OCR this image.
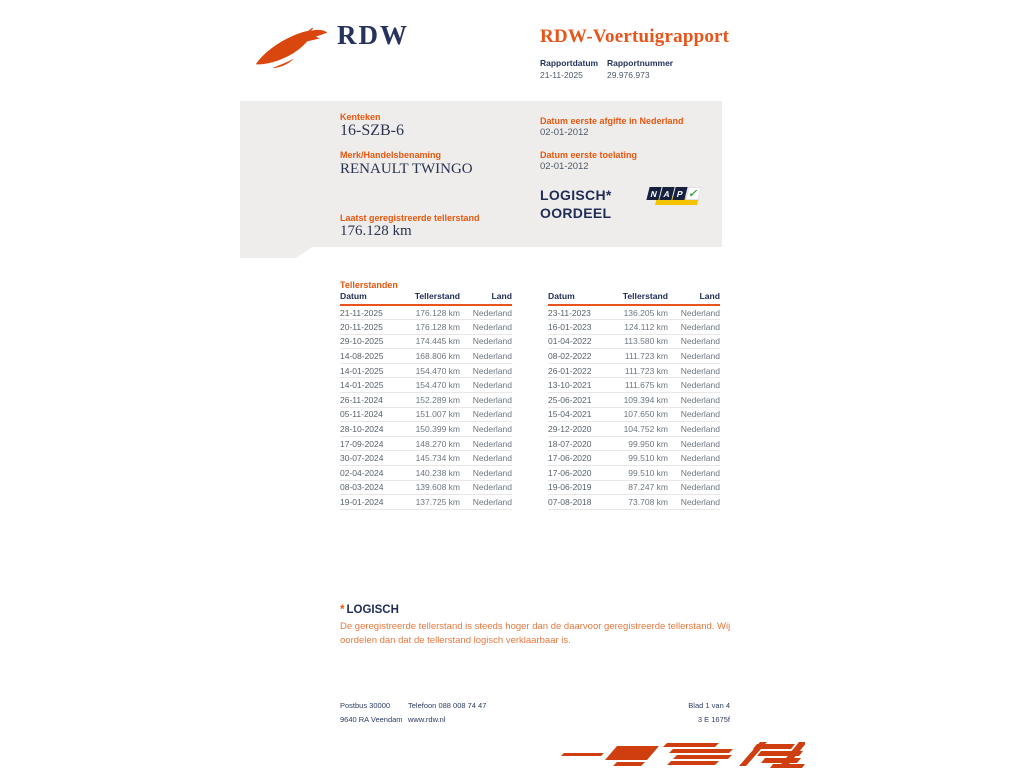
RDW	RDW-Voertuigrapport
Rapportdatum Rapportnummer
21-11-2025	29.976.973
Kenteken
16-SZB-6
Merk/Handelsbenaming
RENAULT TWINGO
Laatst geregistreerde tellerstand
176.128 km
Datum eerste afgifte in Nederland
02-01-2012
Datum eerste toelating
02-01-2012
LOGISCH*
OORDEEL
N A P ✓
Tellerstanden
Datum	Tellerstand	Land
21-11-2025	176.128 km	Nederland
20-11-2025	176.128 km	Nederland
29-10-2025	174.445 km	Nederland
14-08-2025	168.806 km	Nederland
14-01-2025	154.470 km	Nederland
14-01-2025	154.470 km	Nederland
26-11-2024	152.289 km	Nederland
05-11-2024	151.007 km	Nederland
28-10-2024	150.399 km	Nederland
17-09-2024	148.270 km	Nederland
30-07-2024	145.734 km	Nederland
02-04-2024	140.238 km	Nederland
08-03-2024	139.608 km	Nederland
19-01-2024	137.725 km	Nederland
Datum	Tellerstand	Land
23-11-2023	136.205 km	Nederland
16-01-2023	124.112 km	Nederland
01-04-2022	113.580 km	Nederland
08-02-2022	111.723 km	Nederland
26-01-2022	111.723 km	Nederland
13-10-2021	111.675 km	Nederland
25-06-2021	109.394 km	Nederland
15-04-2021	107.650 km	Nederland
29-12-2020	104.752 km	Nederland
18-07-2020	99.950 km	Nederland
17-06-2020	99.510 km	Nederland
17-06-2020	99.510 km	Nederland
19-06-2019	87.247 km	Nederland
07-08-2018	73.708 km	Nederland
* LOGISCH
De geregistreerde tellerstand is steeds hoger dan de daarvoor geregistreerde tellerstand. Wij oordelen dan dat de tellerstand logisch verklaarbaar is.
Postbus 30000
9640 RA Veendam
Telefoon 088 008 74 47
www.rdw.nl
Blad 1 van 4
3 E 1675f
